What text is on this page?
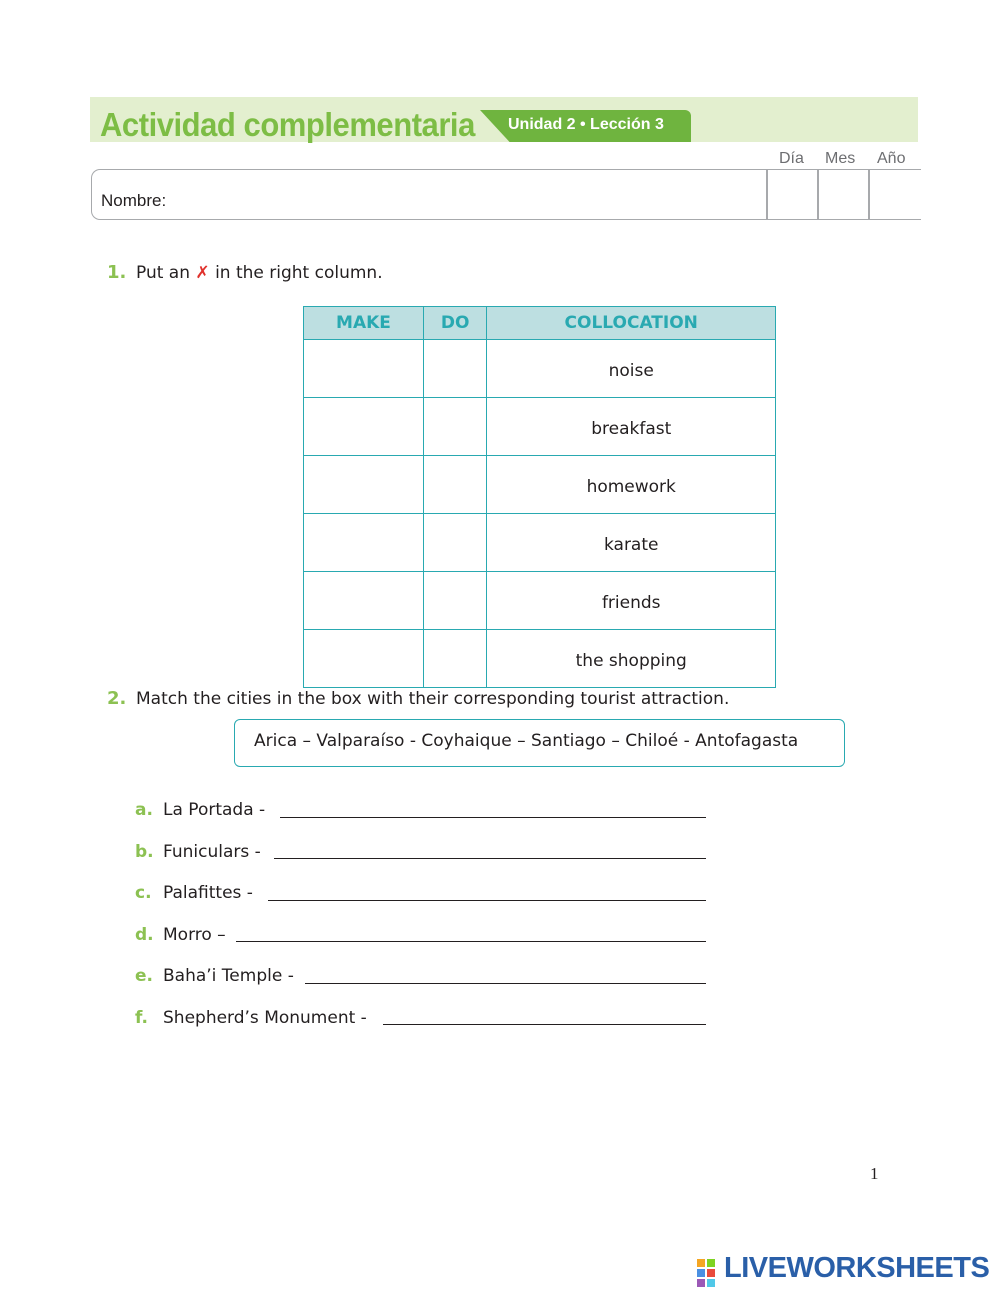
Actividad complementaria Unidad 2 • Lección 3
Día Mes Año
Nombre:
1. Put an ✗ in the right column.
MAKE	DO	COLLOCATION
		noise
		breakfast
		homework
		karate
		friends
		the shopping
2. Match the cities in the box with their corresponding tourist attraction.
Arica – Valparaíso - Coyhaique – Santiago – Chiloé - Antofagasta
a. La Portada -
b. Funiculars -
c. Palafittes -
d. Morro –
e. Baha’i Temple -
f. Shepherd’s Monument -
1
LIVEWORKSHEETS
